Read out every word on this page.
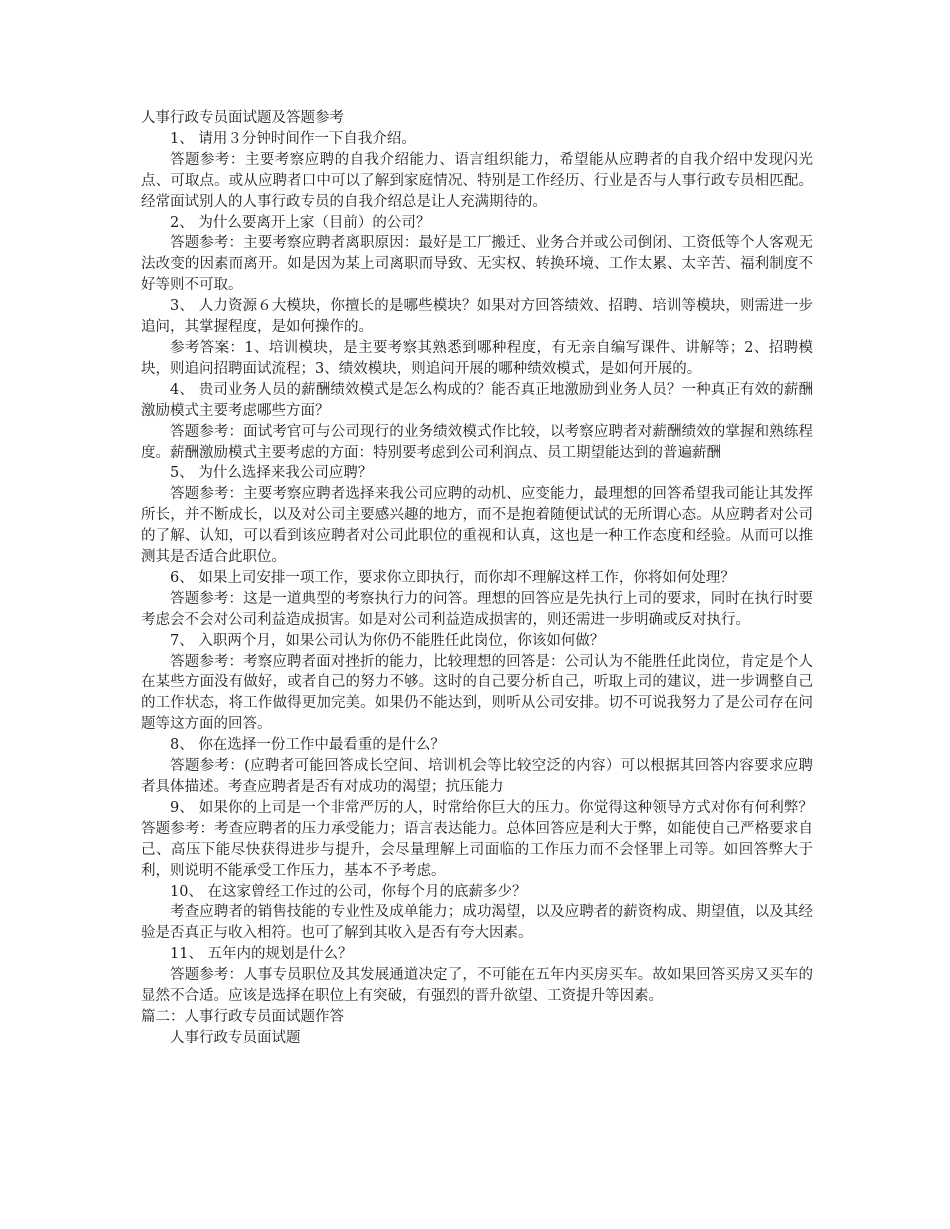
人事行政专员面试题及答题参考

1、 请用３分钟时间作一下自我介绍。

答题参考：主要考察应聘的自我介绍能力、语言组织能力，希望能从应聘者的自我介绍中发现闪光点、可取点。或从应聘者口中可以了解到家庭情况、特别是工作经历、行业是否与人事行政专员相匹配。经常面试别人的人事行政专员的自我介绍总是让人充满期待的。

2、 为什么要离开上家（目前）的公司？

答题参考：主要考察应聘者离职原因：最好是工厂搬迁、业务合并或公司倒闭、工资低等个人客观无法改变的因素而离开。如是因为某上司离职而导致、无实权、转换环境、工作太累、太辛苦、福利制度不好等则不可取。

3、 人力资源６大模块，你擅长的是哪些模块？如果对方回答绩效、招聘、培训等模块，则需进一步追问，其掌握程度，是如何操作的。

参考答案：1、培训模块，是主要考察其熟悉到哪种程度，有无亲自编写课件、讲解等；2、招聘模块，则追问招聘面试流程；3、绩效模块，则追问开展的哪种绩效模式，是如何开展的。

4、 贵司业务人员的薪酬绩效模式是怎么构成的？能否真正地激励到业务人员？一种真正有效的薪酬激励模式主要考虑哪些方面？

答题参考：面试考官可与公司现行的业务绩效模式作比较，以考察应聘者对薪酬绩效的掌握和熟练程度。薪酬激励模式主要考虑的方面：特别要考虑到公司利润点、员工期望能达到的普遍薪酬

5、 为什么选择来我公司应聘？

答题参考：主要考察应聘者选择来我公司应聘的动机、应变能力，最理想的回答希望我司能让其发挥所长，并不断成长，以及对公司主要感兴趣的地方，而不是抱着随便试试的无所谓心态。从应聘者对公司的了解、认知，可以看到该应聘者对公司此职位的重视和认真，这也是一种工作态度和经验。从而可以推测其是否适合此职位。

6、 如果上司安排一项工作，要求你立即执行，而你却不理解这样工作，你将如何处理？

答题参考：这是一道典型的考察执行力的问答。理想的回答应是先执行上司的要求，同时在执行时要考虑会不会对公司利益造成损害。如是对公司利益造成损害的，则还需进一步明确或反对执行。

7、 入职两个月，如果公司认为你仍不能胜任此岗位，你该如何做？

答题参考：考察应聘者面对挫折的能力，比较理想的回答是：公司认为不能胜任此岗位，肯定是个人在某些方面没有做好，或者自己的努力不够。这时的自己要分析自己，听取上司的建议，进一步调整自己的工作状态，将工作做得更加完美。如果仍不能达到，则听从公司安排。切不可说我努力了是公司存在问题等这方面的回答。

8、 你在选择一份工作中最看重的是什么？

答题参考：(应聘者可能回答成长空间、培训机会等比较空泛的内容）可以根据其回答内容要求应聘者具体描述。考查应聘者是否有对成功的渴望；抗压能力

9、 如果你的上司是一个非常严厉的人，时常给你巨大的压力。你觉得这种领导方式对你有何利弊？ 答题参考：考查应聘者的压力承受能力；语言表达能力。总体回答应是利大于弊，如能使自己严格要求自己、高压下能尽快获得进步与提升，会尽量理解上司面临的工作压力而不会怪罪上司等。如回答弊大于利，则说明不能承受工作压力，基本不予考虑。

10、 在这家曾经工作过的公司，你每个月的底薪多少？

考查应聘者的销售技能的专业性及成单能力；成功渴望，以及应聘者的薪资构成、期望值，以及其经验是否真正与收入相符。也可了解到其收入是否有夸大因素。

11、 五年内的规划是什么？

答题参考：人事专员职位及其发展通道决定了，不可能在五年内买房买车。故如果回答买房又买车的显然不合适。应该是选择在职位上有突破，有强烈的晋升欲望、工资提升等因素。

篇二：人事行政专员面试题作答

人事行政专员面试题
